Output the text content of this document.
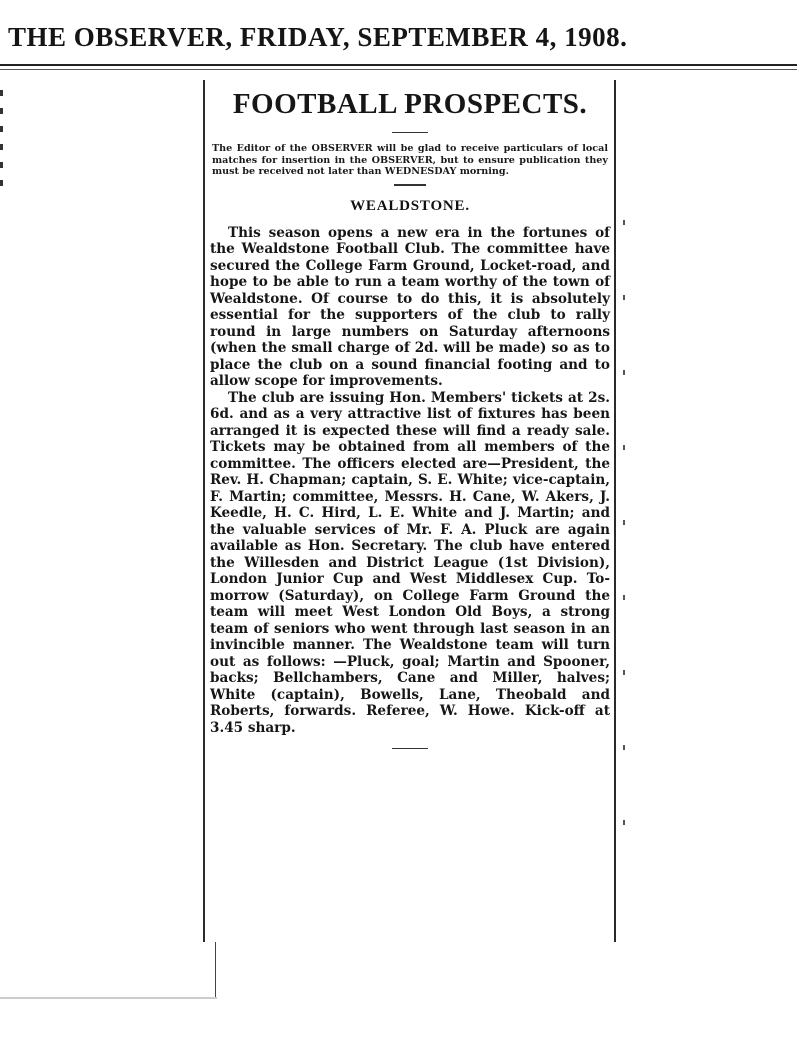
THE OBSERVER, FRIDAY, SEPTEMBER 4, 1908.
FOOTBALL PROSPECTS.
The Editor of the OBSERVER will be glad to receive particulars of local matches for insertion in the OBSERVER, but to ensure publication they must be received not later than WEDNESDAY morning.
WEALDSTONE.

This season opens a new era in the fortunes of the Wealdstone Football Club. The committee have secured the College Farm Ground, Locket-road, and hope to be able to run a team worthy of the town of Wealdstone. Of course to do this, it is absolutely essential for the supporters of the club to rally round in large numbers on Saturday afternoons (when the small charge of 2d. will be made) so as to place the club on a sound financial footing and to allow scope for improvements.

The club are issuing Hon. Members' tickets at 2s. 6d. and as a very attractive list of fixtures has been arranged it is expected these will find a ready sale. Tickets may be obtained from all members of the committee. The officers elected are—President, the Rev. H. Chapman; captain, S. E. White; vice-captain, F. Martin; committee, Messrs. H. Cane, W. Akers, J. Keedle, H. C. Hird, L. E. White and J. Martin; and the valuable services of Mr. F. A. Pluck are again available as Hon. Secretary. The club have entered the Willesden and District League (1st Division), London Junior Cup and West Middlesex Cup. To-morrow (Saturday), on College Farm Ground the team will meet West London Old Boys, a strong team of seniors who went through last season in an invincible manner. The Wealdstone team will turn out as follows: —Pluck, goal; Martin and Spooner, backs; Bellchambers, Cane and Miller, halves; White (captain), Bowells, Lane, Theobald and Roberts, forwards. Referee, W. Howe. Kick-off at 3.45 sharp.
